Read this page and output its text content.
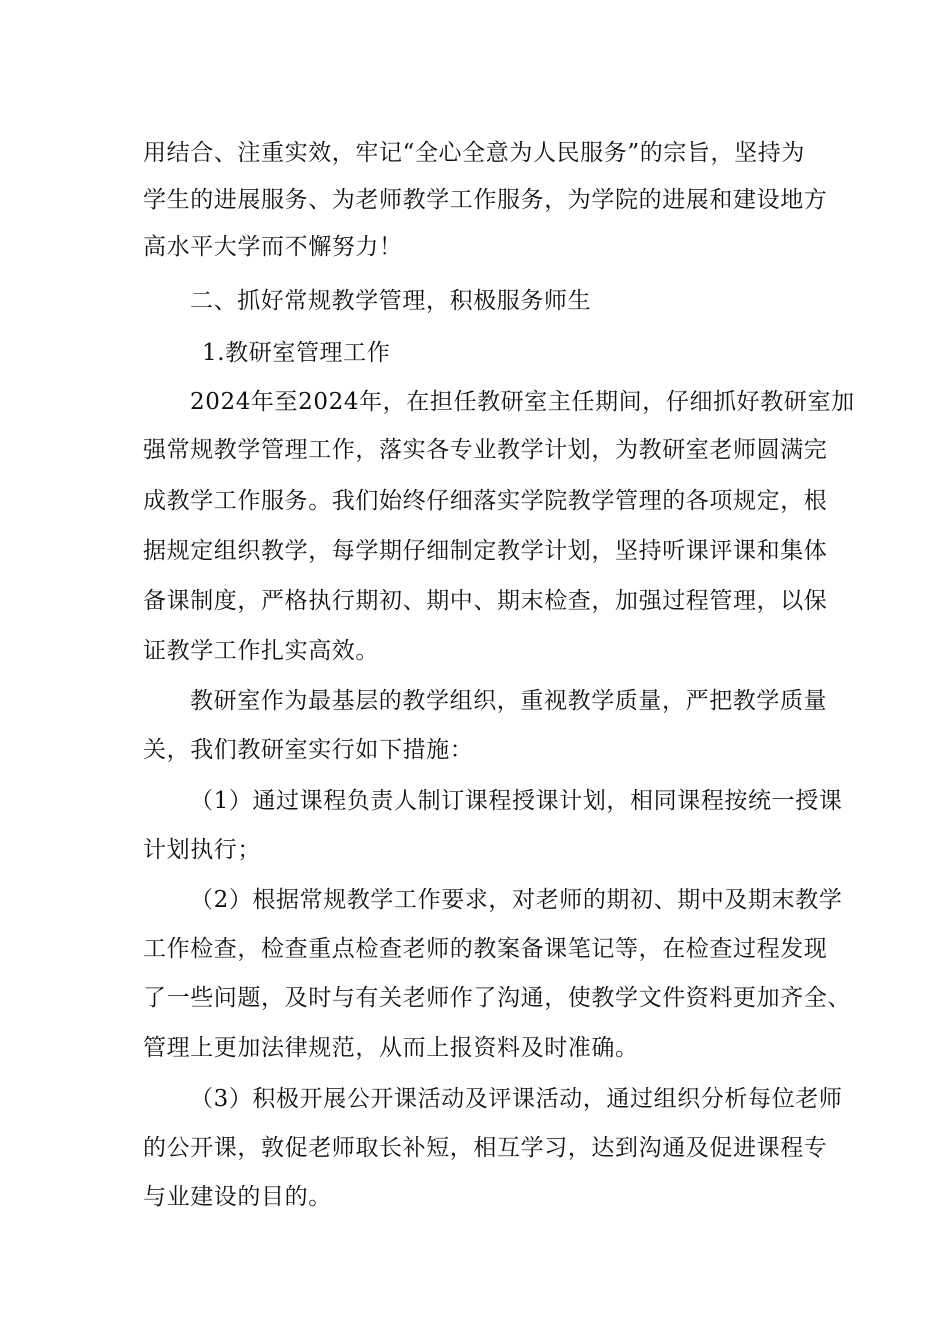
用结合、注重实效，牢记“全心全意为人民服务”的宗旨，坚持为
学生的进展服务、为老师教学工作服务，为学院的进展和建设地方
高水平大学而不懈努力！
二、抓好常规教学管理，积极服务师生
1.教研室管理工作
2024年至2024年，在担任教研室主任期间，仔细抓好教研室加
强常规教学管理工作，落实各专业教学计划，为教研室老师圆满完
成教学工作服务。我们始终仔细落实学院教学管理的各项规定，根
据规定组织教学，每学期仔细制定教学计划，坚持听课评课和集体
备课制度，严格执行期初、期中、期末检查，加强过程管理，以保
证教学工作扎实高效。
教研室作为最基层的教学组织，重视教学质量，严把教学质量
关，我们教研室实行如下措施：
（1）通过课程负责人制订课程授课计划，相同课程按统一授课
计划执行；
（2）根据常规教学工作要求，对老师的期初、期中及期末教学
工作检查，检查重点检查老师的教案备课笔记等，在检查过程发现
了一些问题，及时与有关老师作了沟通，使教学文件资料更加齐全、
管理上更加法律规范，从而上报资料及时准确。
（3）积极开展公开课活动及评课活动，通过组织分析每位老师
的公开课，敦促老师取长补短，相互学习，达到沟通及促进课程专
与业建设的目的。
